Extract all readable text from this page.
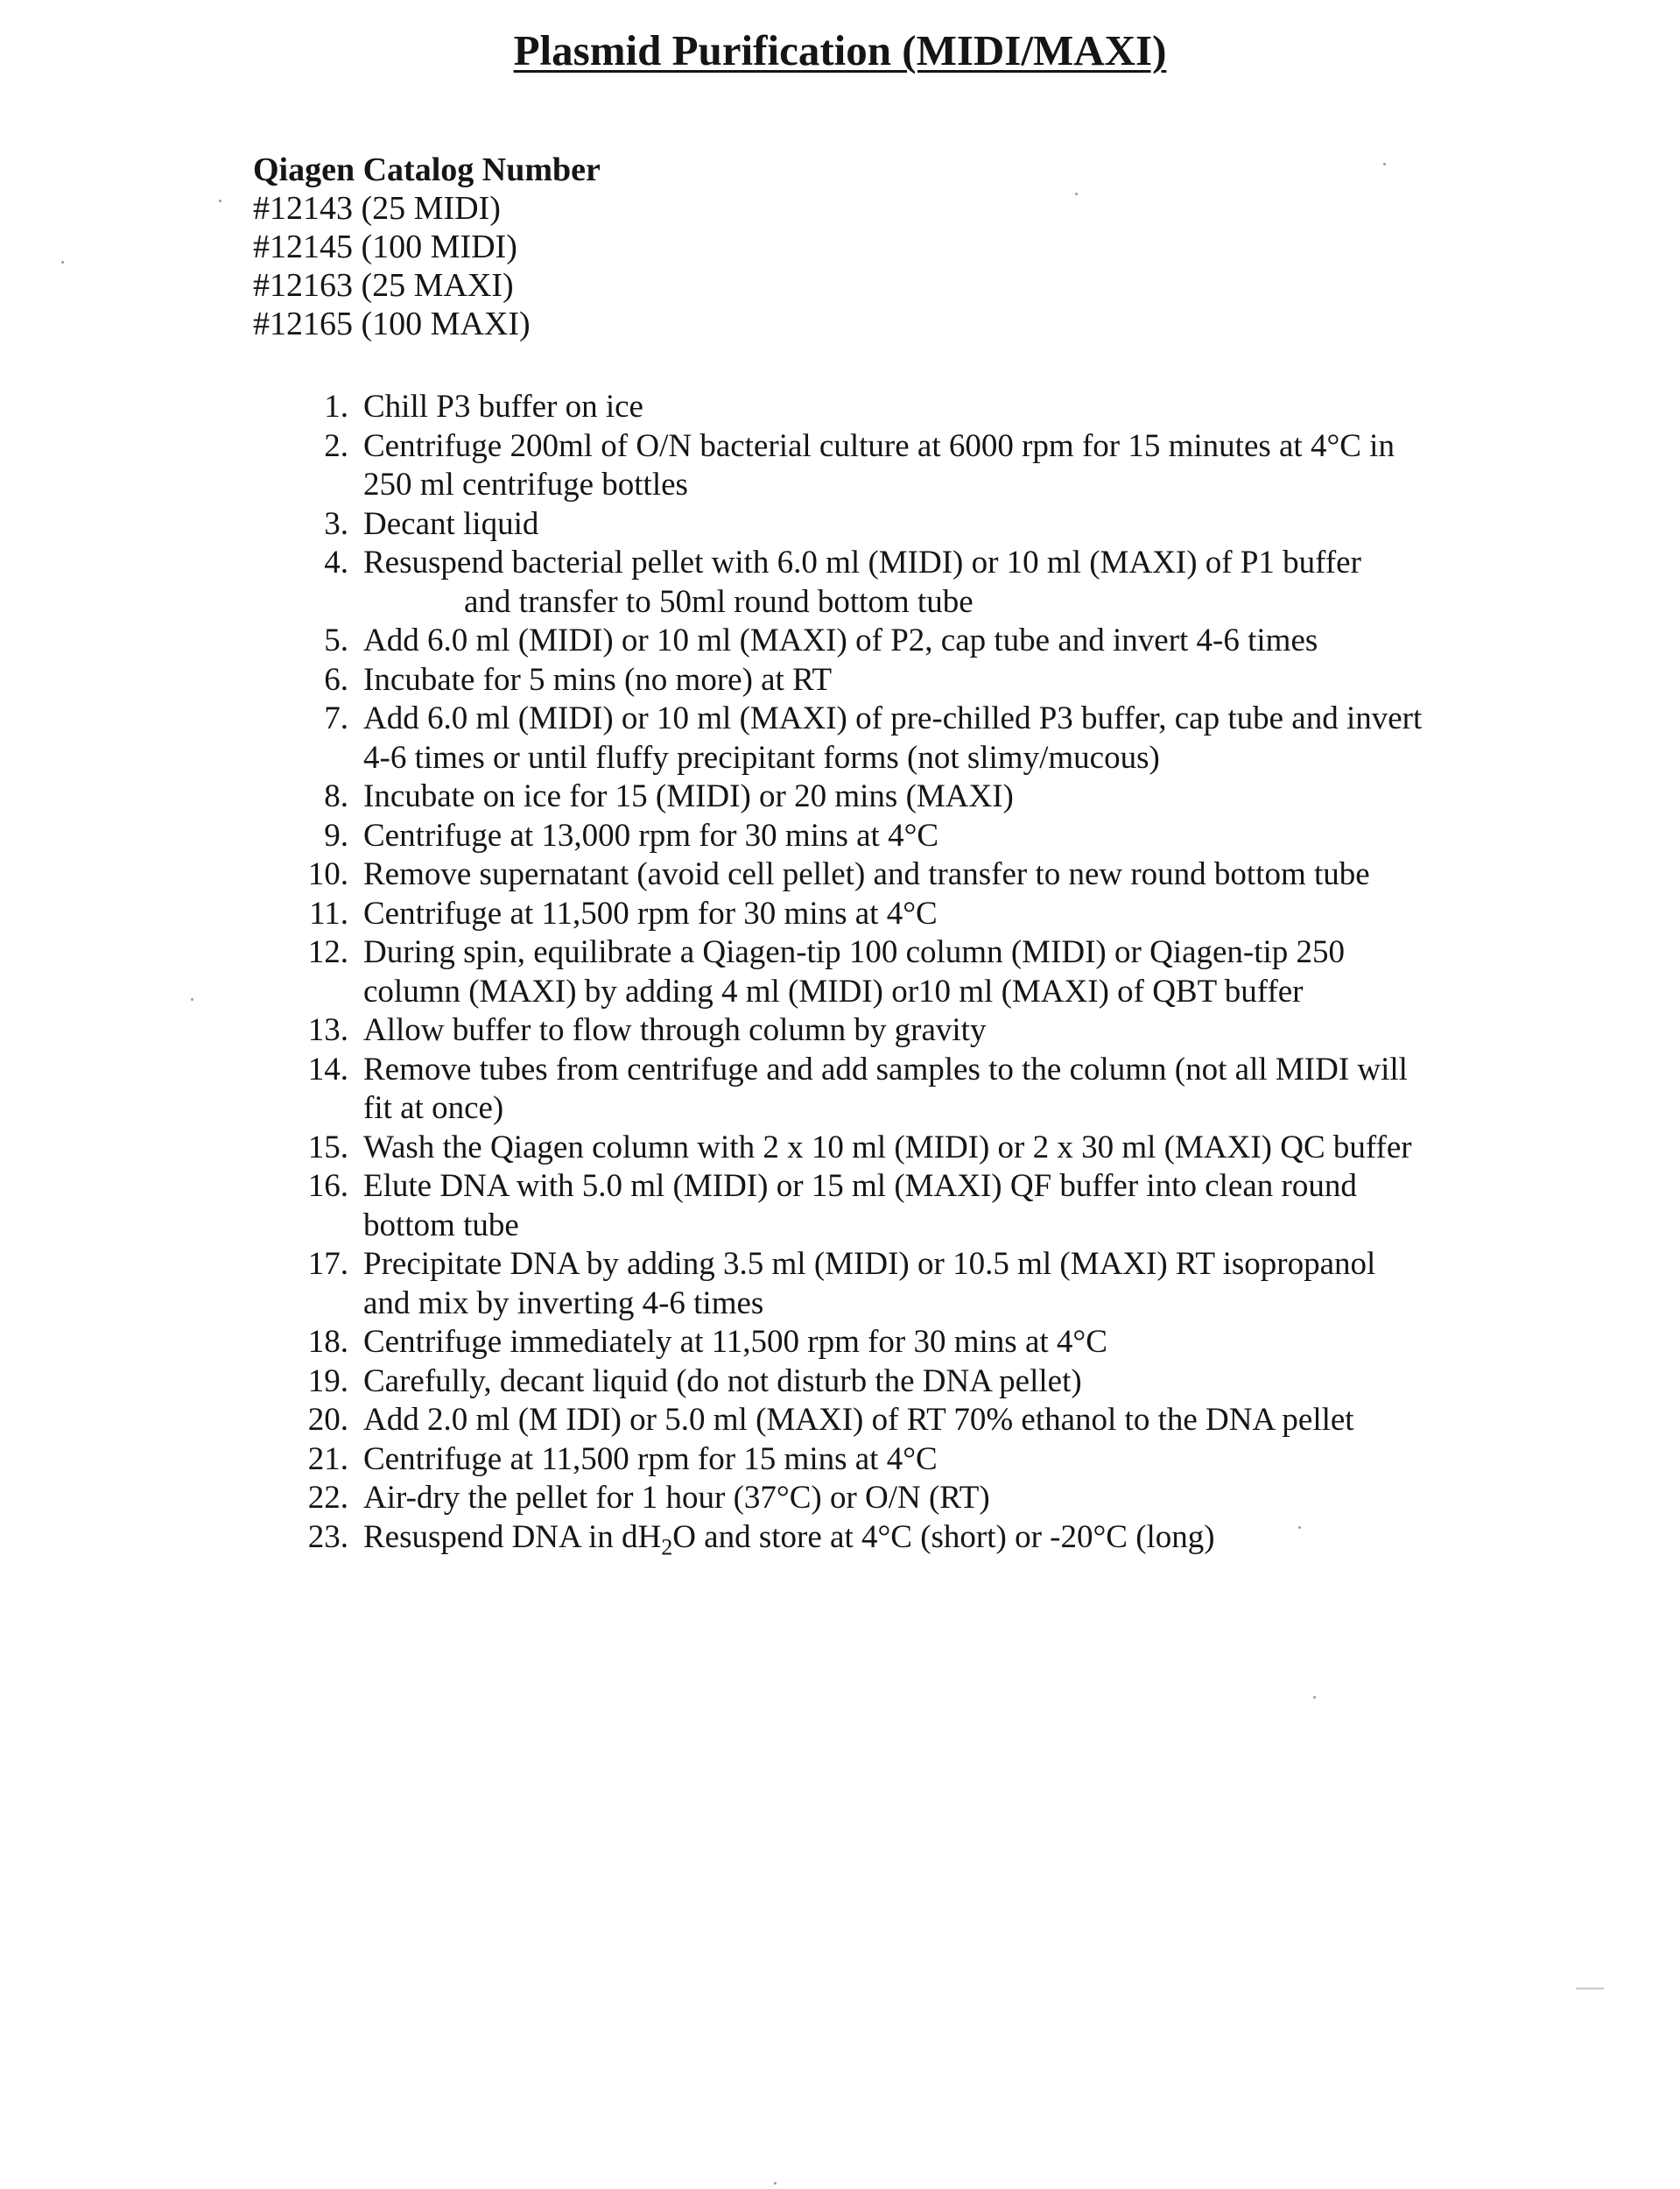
Plasmid Purification (MIDI/MAXI)

Qiagen Catalog Number

#12143 (25 MIDI)
#12145 (100 MIDI)
#12163 (25 MAXI)
#12165 (100 MAXI)
1. Chill P3 buffer on ice
2. Centrifuge 200ml of O/N bacterial culture at 6000 rpm for 15 minutes at 4°C in
250 ml centrifuge bottles
3. Decant liquid
4. Resuspend bacterial pellet with 6.0 ml (MIDI) or 10 ml (MAXI) of P1 buffer
and transfer to 50ml round bottom tube
5. Add 6.0 ml (MIDI) or 10 ml (MAXI) of P2, cap tube and invert 4-6 times
6. Incubate for 5 mins (no more) at RT
7. Add 6.0 ml (MIDI) or 10 ml (MAXI) of pre-chilled P3 buffer, cap tube and invert
4-6 times or until fluffy precipitant forms (not slimy/mucous)
8. Incubate on ice for 15 (MIDI) or 20 mins (MAXI)
9. Centrifuge at 13,000 rpm for 30 mins at 4°C
10. Remove supernatant (avoid cell pellet) and transfer to new round bottom tube
11. Centrifuge at 11,500 rpm for 30 mins at 4°C
12. During spin, equilibrate a Qiagen-tip 100 column (MIDI) or Qiagen-tip 250
column (MAXI) by adding 4 ml (MIDI) or10 ml (MAXI) of QBT buffer
13. Allow buffer to flow through column by gravity
14. Remove tubes from centrifuge and add samples to the column (not all MIDI will
fit at once)
15. Wash the Qiagen column with 2 x 10 ml (MIDI) or 2 x 30 ml (MAXI) QC buffer
16. Elute DNA with 5.0 ml (MIDI) or 15 ml (MAXI) QF buffer into clean round
bottom tube
17. Precipitate DNA by adding 3.5 ml (MIDI) or 10.5 ml (MAXI) RT isopropanol
and mix by inverting 4-6 times
18. Centrifuge immediately at 11,500 rpm for 30 mins at 4°C
19. Carefully, decant liquid (do not disturb the DNA pellet)
20. Add 2.0 ml (M IDI) or 5.0 ml (MAXI) of RT 70% ethanol to the DNA pellet
21. Centrifuge at 11,500 rpm for 15 mins at 4°C
22. Air-dry the pellet for 1 hour (37°C) or O/N (RT)
23. Resuspend DNA in $dH_2O$ and store at 4°C (short) or -20°C (long)
